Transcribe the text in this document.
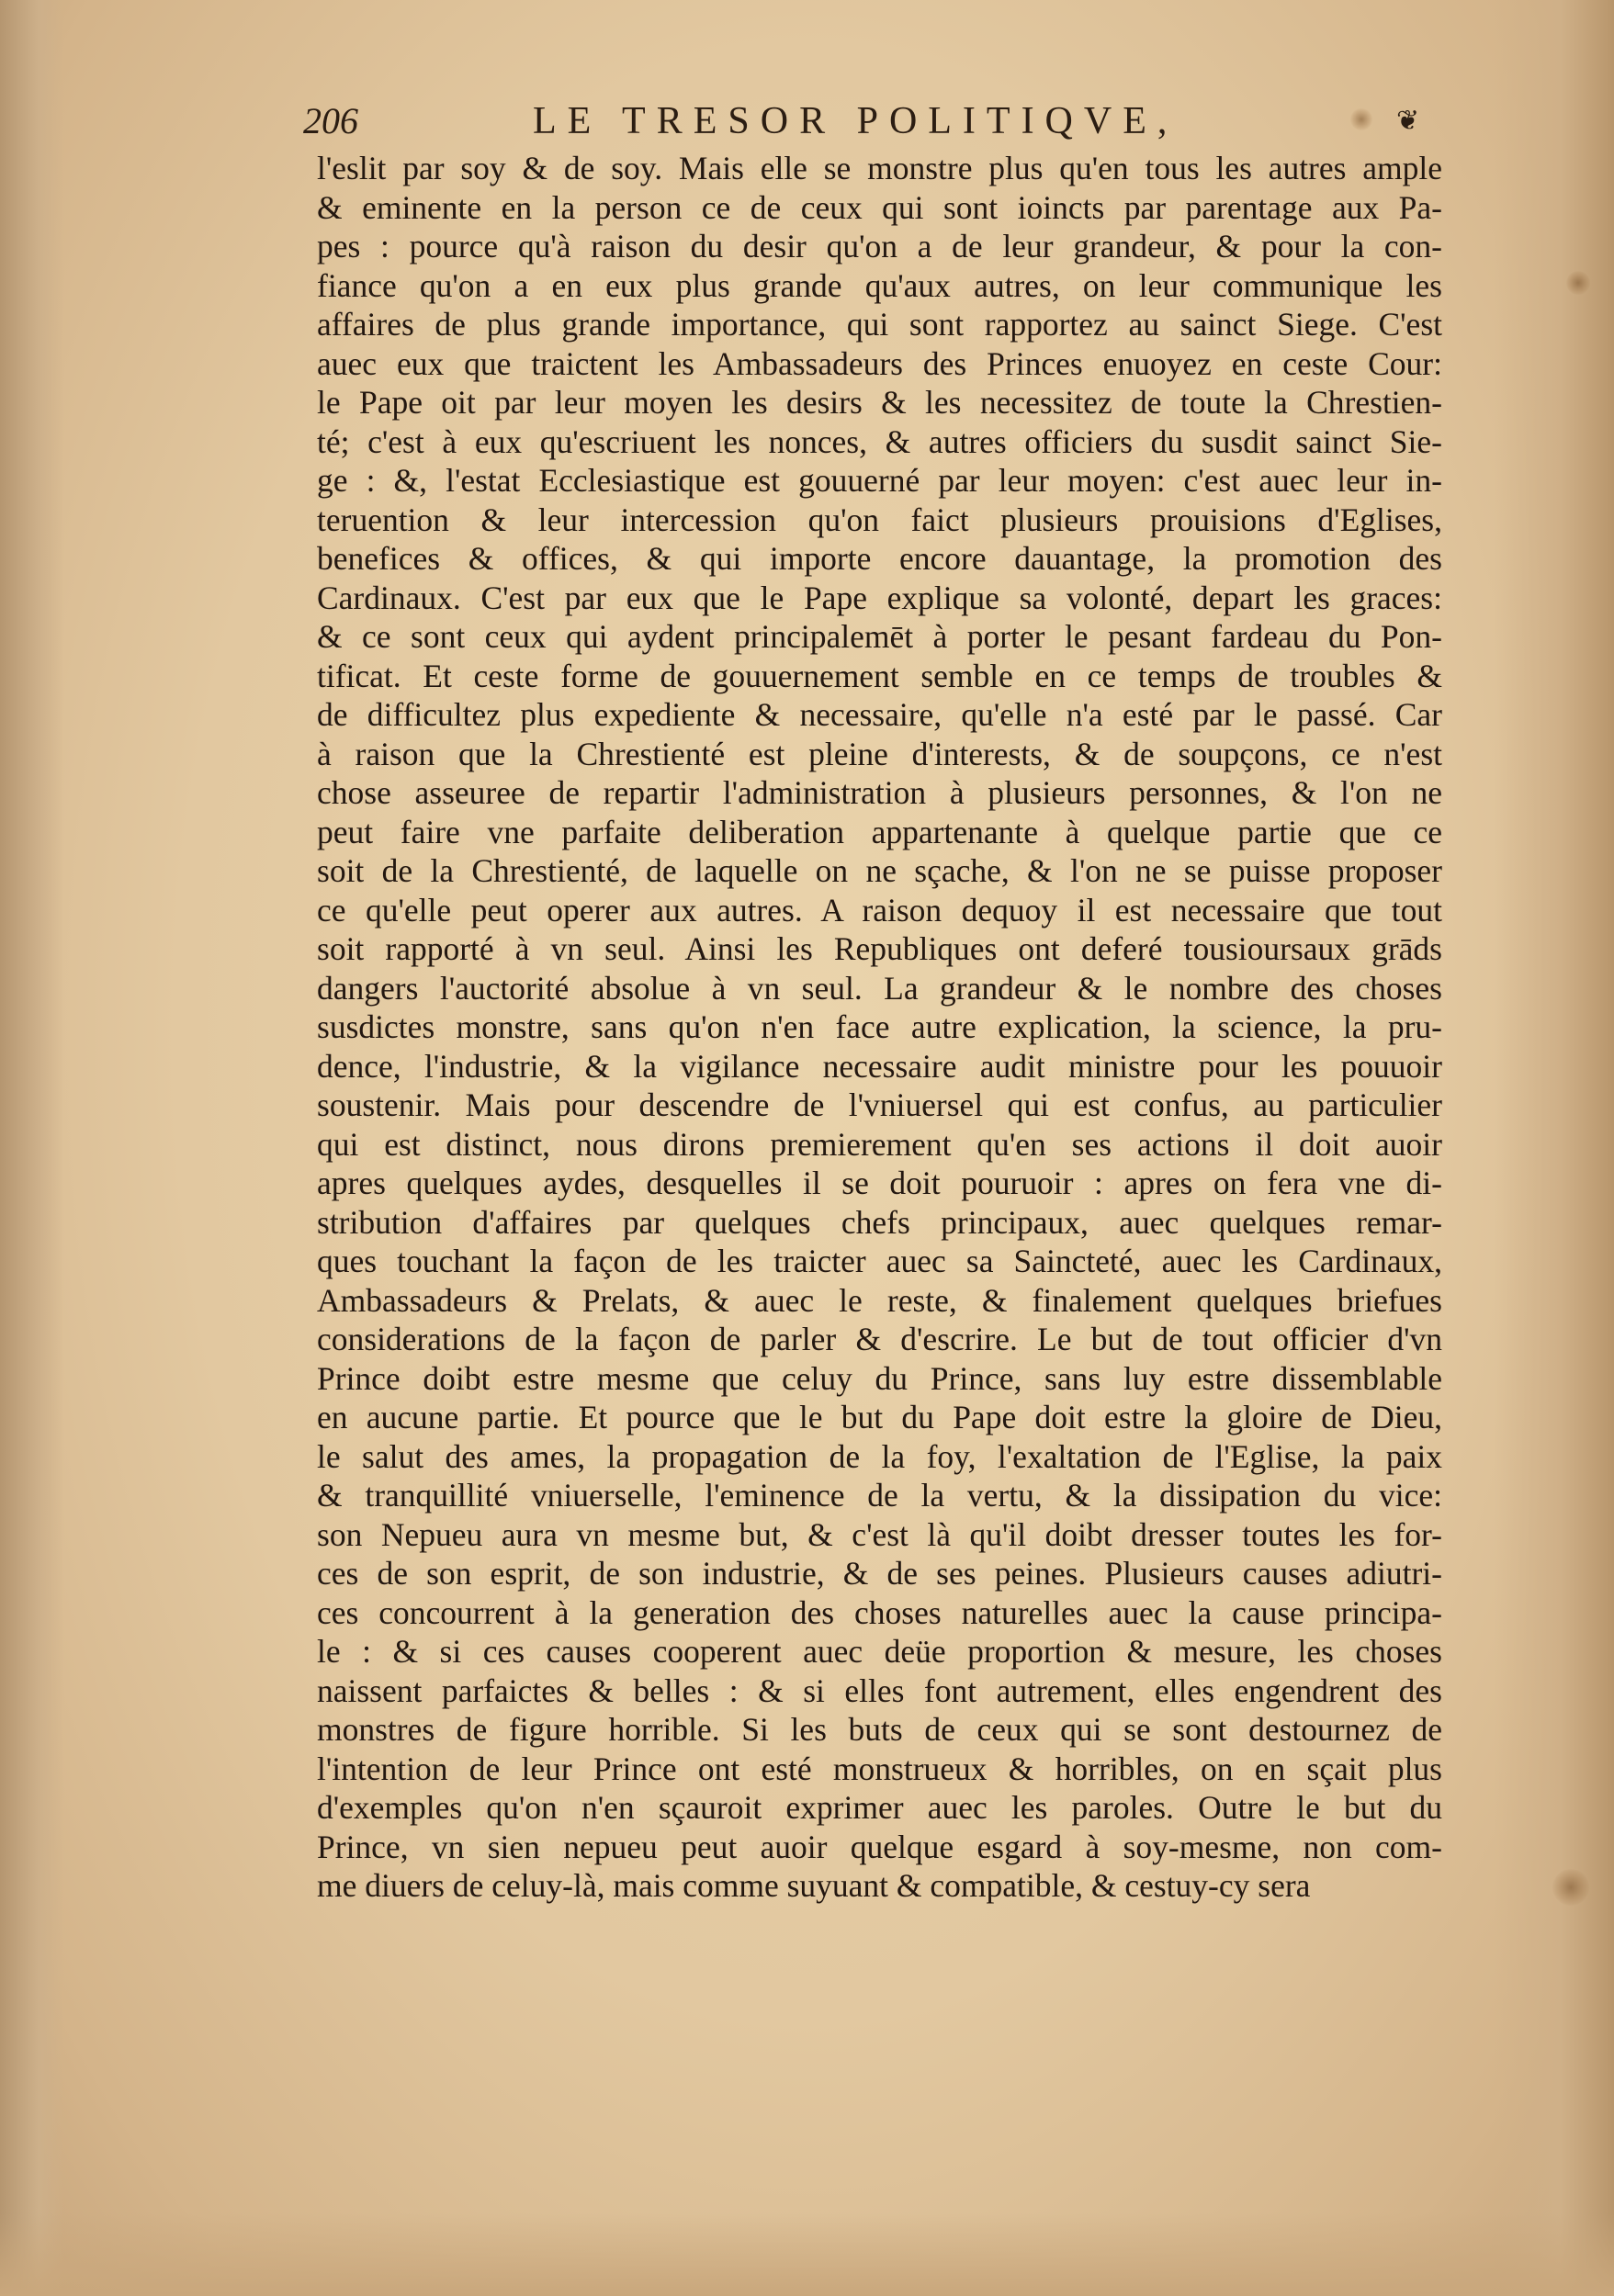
206	LE TRESOR POLITIQVE,	❦
l'eslit par soy & de soy. Mais elle se monstre plus qu'en tous les autres ample
& eminente en la person ce de ceux qui sont ioincts par parentage aux Pa-
pes : pource qu'à raison du desir qu'on a de leur grandeur, & pour la con-
fiance qu'on a en eux plus grande qu'aux autres, on leur communique les
affaires de plus grande importance, qui sont rapportez au sainct Siege. C'est
auec eux que traictent les Ambassadeurs des Princes enuoyez en ceste Cour:
le Pape oit par leur moyen les desirs & les necessitez de toute la Chrestien-
té; c'est à eux qu'escriuent les nonces, & autres officiers du susdit sainct Sie-
ge : &, l'estat Ecclesiastique est gouuerné par leur moyen: c'est auec leur in-
teruention & leur intercession qu'on faict plusieurs prouisions d'Eglises,
benefices & offices, & qui importe encore dauantage, la promotion des
Cardinaux. C'est par eux que le Pape explique sa volonté, depart les graces:
& ce sont ceux qui aydent principalemēt à porter le pesant fardeau du Pon-
tificat. Et ceste forme de gouuernement semble en ce temps de troubles &
de difficultez plus expediente & necessaire, qu'elle n'a esté par le passé. Car
à raison que la Chrestienté est pleine d'interests, & de soupçons, ce n'est
chose asseuree de repartir l'administration à plusieurs personnes, & l'on ne
peut faire vne parfaite deliberation appartenante à quelque partie que ce
soit de la Chrestienté, de laquelle on ne sçache, & l'on ne se puisse proposer
ce qu'elle peut operer aux autres. A raison dequoy il est necessaire que tout
soit rapporté à vn seul. Ainsi les Republiques ont deferé tousioursaux grāds
dangers l'auctorité absolue à vn seul. La grandeur & le nombre des choses
susdictes monstre, sans qu'on n'en face autre explication, la science, la pru-
dence, l'industrie, & la vigilance necessaire audit ministre pour les pouuoir
soustenir. Mais pour descendre de l'vniuersel qui est confus, au particulier
qui est distinct, nous dirons premierement qu'en ses actions il doit auoir
apres quelques aydes, desquelles il se doit pouruoir : apres on fera vne di-
stribution d'affaires par quelques chefs principaux, auec quelques remar-
ques touchant la façon de les traicter auec sa Saincteté, auec les Cardinaux,
Ambassadeurs & Prelats, & auec le reste, & finalement quelques briefues
considerations de la façon de parler & d'escrire. Le but de tout officier d'vn
Prince doibt estre mesme que celuy du Prince, sans luy estre dissemblable
en aucune partie. Et pource que le but du Pape doit estre la gloire de Dieu,
le salut des ames, la propagation de la foy, l'exaltation de l'Eglise, la paix
& tranquillité vniuerselle, l'eminence de la vertu, & la dissipation du vice:
son Nepueu aura vn mesme but, & c'est là qu'il doibt dresser toutes les for-
ces de son esprit, de son industrie, & de ses peines. Plusieurs causes adiutri-
ces concourrent à la generation des choses naturelles auec la cause principa-
le : & si ces causes cooperent auec deüe proportion & mesure, les choses
naissent parfaictes & belles : & si elles font autrement, elles engendrent des
monstres de figure horrible. Si les buts de ceux qui se sont destournez de
l'intention de leur Prince ont esté monstrueux & horribles, on en sçait plus
d'exemples qu'on n'en sçauroit exprimer auec les paroles. Outre le but du
Prince, vn sien nepueu peut auoir quelque esgard à soy-mesme, non com-
me diuers de celuy-là, mais comme suyuant & compatible, & cestuy-cy sera
